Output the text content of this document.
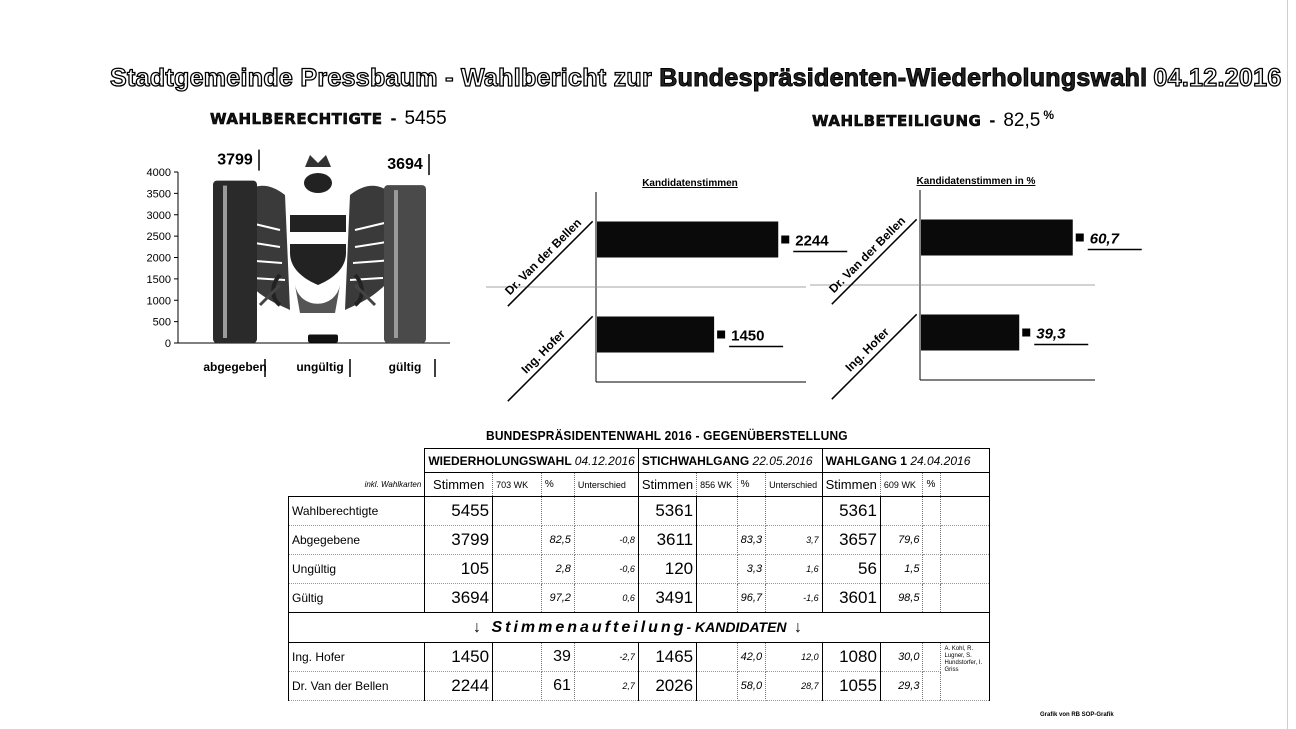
Stadtgemeinde Pressbaum - Wahlbericht zur Bundespräsidenten-Wiederholungswahl 04.12.2016
WAHLBERECHTIGTE - 5455	WAHLBETEILIGUNG - 82,5 %
0
500
1000
1500
2000
2500
3000
3500
4000
3799
abgegeben ungültig
3694
gültig
Kandidatenstimmen
2244
Dr. Van der Bellen
1450
Ing. Hofer
Kandidatenstimmen in %
60,7
Dr. Van der Bellen
39,3
Ing. Hofer
BUNDESPRÄSIDENTENWAHL 2016 - GEGENÜBERSTELLUNG
	WIEDERHOLUNGSWAHL 04.12.2016				STICHWAHLGANG 22.05.2016				WAHLGANG 1 24.04.2016			
inkl. Wahlkarten	Stimmen	703 WK	%	Unterschied	Stimmen	856 WK	%	Unterschied	Stimmen	609 WK	%	
Wahlberechtigte	5455				5361				5361			
Abgegebene	3799		82,5	-0,8	3611		83,3	3,7	3657	79,6		
Ungültig	105		2,8	-0,6	120		3,3	1,6	56	1,5		
Gültig	3694		97,2	0,6	3491		96,7	-1,6	3601	98,5		
↓ Stimmenaufteilung- KANDIDATEN ↓												
Ing. Hofer	1450		39	-2,7	1465		42,0	12,0	1080	30,0		A. Kohl, R. Lugner, S. Hundstorfer, I. Griss
Dr. Van der Bellen	2244		61	2,7	2026		58,0	28,7	1055	29,3		
Grafik von RB SOP-Grafik
